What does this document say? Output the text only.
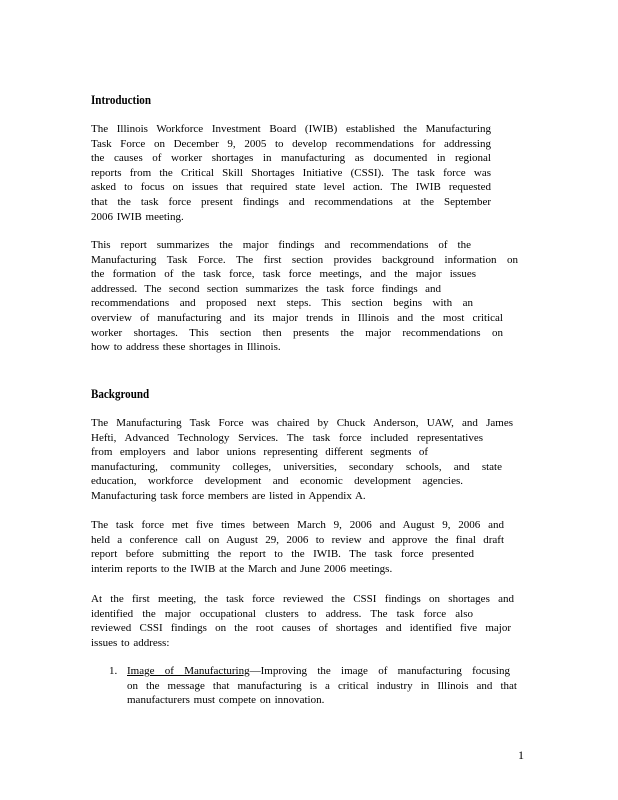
Introduction
The Illinois Workforce Investment Board (IWIB) established the Manufacturing
Task Force on December 9, 2005 to develop recommendations for addressing
the causes of worker shortages in manufacturing as documented in regional
reports from the Critical Skill Shortages Initiative (CSSI). The task force was
asked to focus on issues that required state level action. The IWIB requested
that the task force present findings and recommendations at the September
2006 IWIB meeting.
This report summarizes the major findings and recommendations of the
Manufacturing Task Force. The first section provides background information on
the formation of the task force, task force meetings, and the major issues
addressed. The second section summarizes the task force findings and
recommendations and proposed next steps. This section begins with an
overview of manufacturing and its major trends in Illinois and the most critical
worker shortages. This section then presents the major recommendations on
how to address these shortages in Illinois.
Background
The Manufacturing Task Force was chaired by Chuck Anderson, UAW, and James
Hefti, Advanced Technology Services. The task force included representatives
from employers and labor unions representing different segments of
manufacturing, community colleges, universities, secondary schools, and state
education, workforce development and economic development agencies.
Manufacturing task force members are listed in Appendix A.
The task force met five times between March 9, 2006 and August 9, 2006 and
held a conference call on August 29, 2006 to review and approve the final draft
report before submitting the report to the IWIB. The task force presented
interim reports to the IWIB at the March and June 2006 meetings.
At the first meeting, the task force reviewed the CSSI findings on shortages and
identified the major occupational clusters to address. The task force also
reviewed CSSI findings on the root causes of shortages and identified five major
issues to address:
1. Image of Manufacturing—Improving the image of manufacturing focusing
on the message that manufacturing is a critical industry in Illinois and that
manufacturers must compete on innovation.
1
